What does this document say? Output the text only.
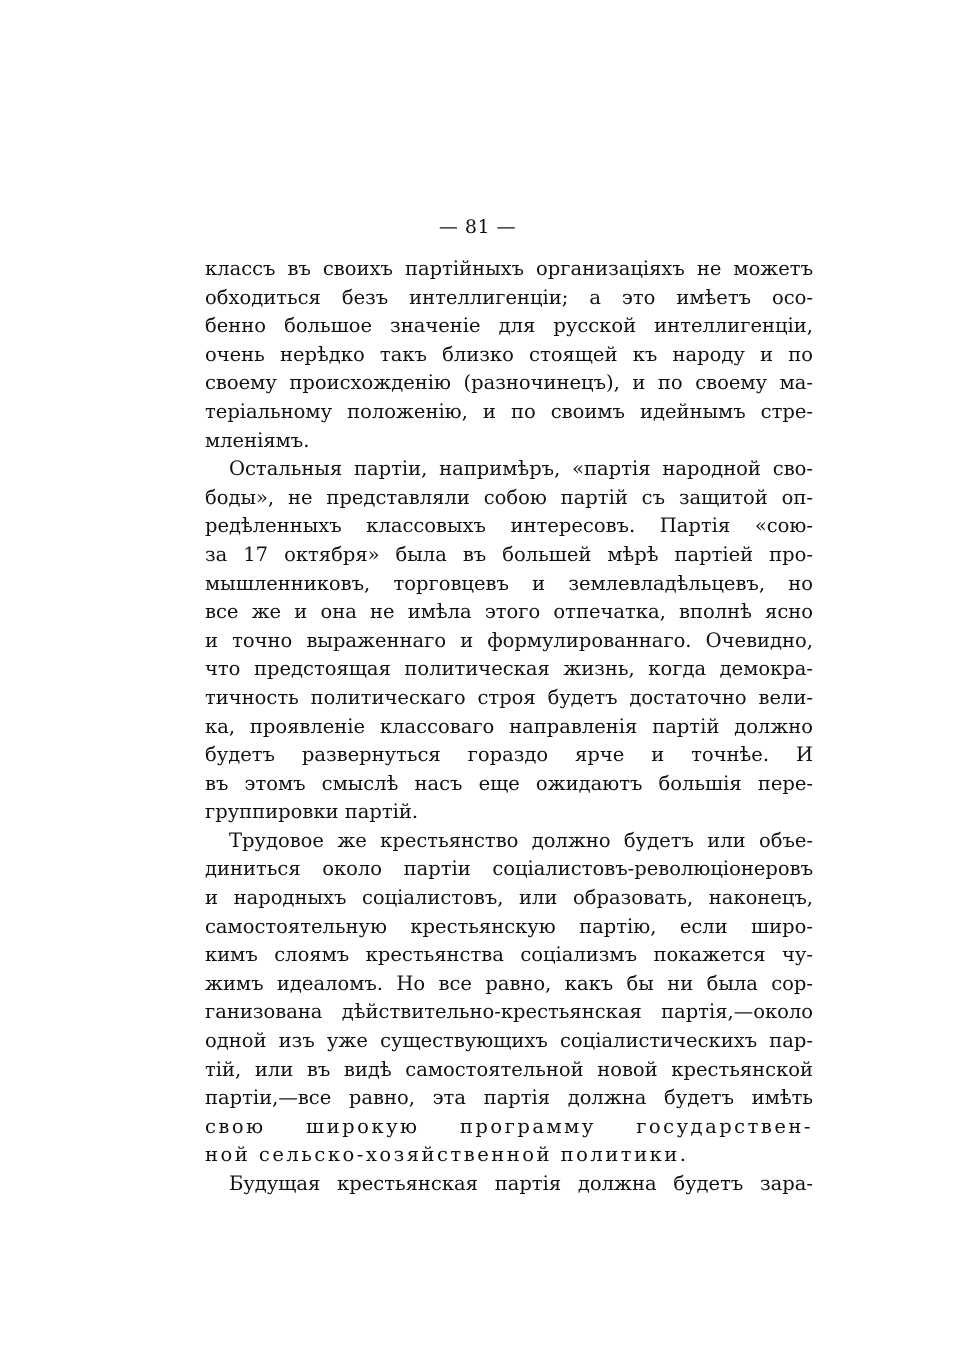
— 81 —
классъ въ своихъ партiйныхъ организацiяхъ не можетъ
обходиться безъ интеллигенцiи; а это имѣетъ осо-
бенно большое значенiе для русской интеллигенцiи,
очень нерѣдко такъ близко стоящей къ народу и по
своему происхожденiю (разночинецъ), и по своему ма-
терiальному положенiю, и по своимъ идейнымъ стре-
мленiямъ.
Остальныя партiи, напримѣръ, «партiя народной сво-
боды», не представляли собою партiй съ защитой оп-
редѣленныхъ классовыхъ интересовъ. Партiя «сою-
за 17 октября» была въ большей мѣрѣ партiей про-
мышленниковъ, торговцевъ и землевладѣльцевъ, но
все же и она не имѣла этого отпечатка, вполнѣ ясно
и точно выраженнаго и формулированнаго. Очевидно,
что предстоящая политическая жизнь, когда демокра-
тичность политическаго строя будетъ достаточно вели-
ка, проявленiе классоваго направленiя партiй должно
будетъ развернуться гораздо ярче и точнѣе. И
въ этомъ смыслѣ насъ еще ожидаютъ большiя пере-
группировки партiй.
Трудовое же крестьянство должно будетъ или объе-
диниться около партiи соцiалистовъ-революцiонеровъ
и народныхъ соцiалистовъ, или образовать, наконецъ,
самостоятельную крестьянскую партiю, если широ-
кимъ слоямъ крестьянства соцiализмъ покажется чу-
жимъ идеаломъ. Но все равно, какъ бы ни была сор-
ганизована дѣйствительно-крестьянская партiя,—около
одной изъ уже существующихъ соцiалистическихъ пар-
тiй, или въ видѣ самостоятельной новой крестьянской
партiи,—все равно, эта партiя должна будетъ имѣть
свою широкую программу государствен-
ной сельско-хозяйственной политики.
Будущая крестьянская партiя должна будетъ зара-
